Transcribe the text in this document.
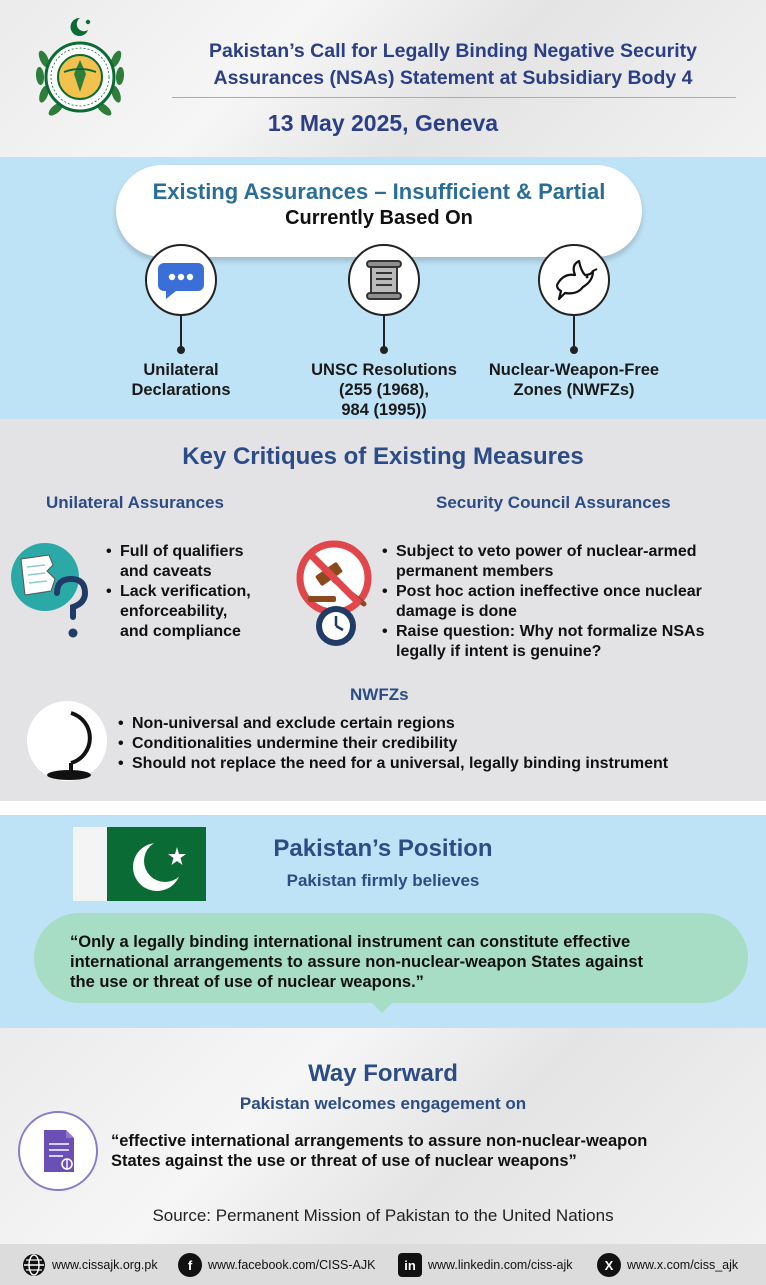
Pakistan’s Call for Legally Binding Negative Security
Assurances (NSAs) Statement at Subsidiary Body 4
13 May 2025, Geneva
Existing Assurances – Insufficient & Partial
Currently Based On
Unilateral
Declarations
UNSC Resolutions
(255 (1968),
984 (1995))
Nuclear-Weapon-Free
Zones (NWFZs)
Key Critiques of Existing Measures
Unilateral Assurances
• Full of qualifiers
and caveats
• Lack verification,
enforceability,
and compliance
Security Council Assurances
• Subject to veto power of nuclear-armed
permanent members
• Post hoc action ineffective once nuclear
damage is done
• Raise question: Why not formalize NSAs
legally if intent is genuine?
NWFZs
• Non-universal and exclude certain regions
• Conditionalities undermine their credibility
• Should not replace the need for a universal, legally binding instrument
Pakistan’s Position
Pakistan firmly believes
“Only a legally binding international instrument can constitute effective
international arrangements to assure non-nuclear-weapon States against
the use or threat of use of nuclear weapons.”
Way Forward
Pakistan welcomes engagement on
“effective international arrangements to assure non-nuclear-weapon
States against the use or threat of use of nuclear weapons”
Source: Permanent Mission of Pakistan to the United Nations
www.cissajk.org.pk	f	www.facebook.com/CISS-AJK	in www.linkedin.com/ciss-ajk	X	www.x.com/ciss_ajk
